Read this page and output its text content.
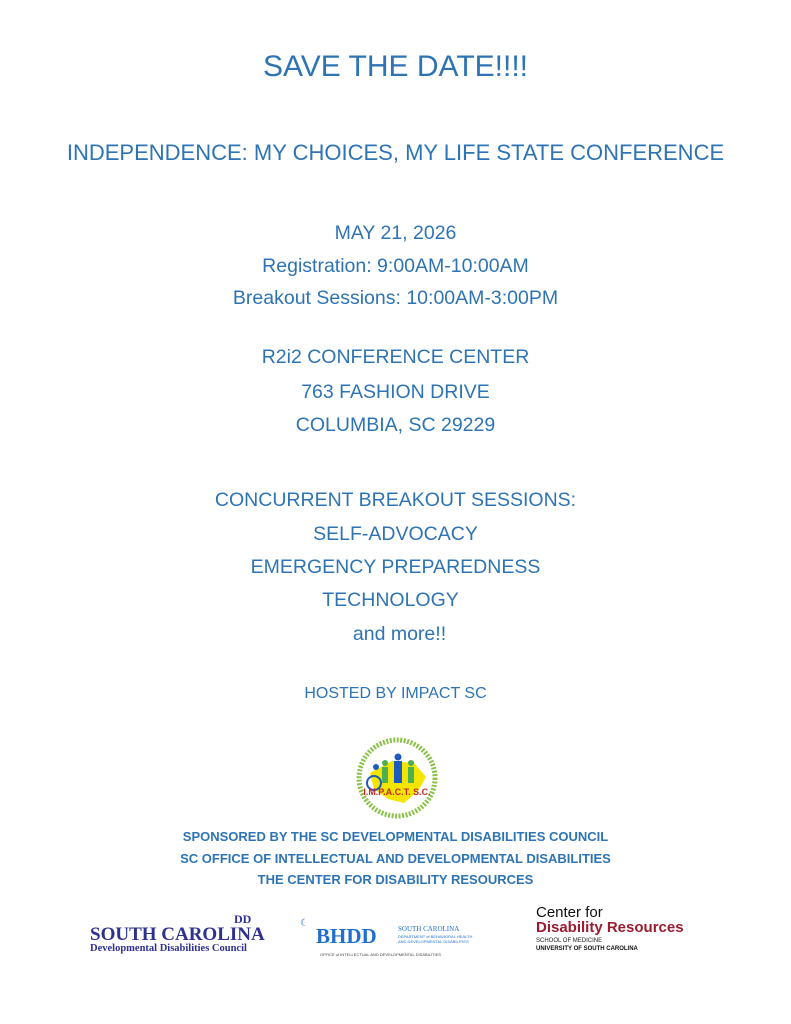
SAVE THE DATE!!!!
INDEPENDENCE: MY CHOICES, MY LIFE STATE CONFERENCE
MAY 21, 2026
Registration: 9:00AM-10:00AM
Breakout Sessions: 10:00AM-3:00PM
R2i2 CONFERENCE CENTER
763 FASHION DRIVE
COLUMBIA, SC 29229
CONCURRENT BREAKOUT SESSIONS:
SELF-ADVOCACY
EMERGENCY PREPAREDNESS
TECHNOLOGY
and more!!
HOSTED BY IMPACT SC
I.M.P.A.C.T. S.C.
SPONSORED BY THE SC DEVELOPMENTAL DISABILITIES COUNCIL
SC OFFICE OF INTELLECTUAL AND DEVELOPMENTAL DISABILITIES
THE CENTER FOR DISABILITY RESOURCES
SOUTH CAROLINA
DD
Developmental Disabilities Council
☾
BHDD	SOUTH CAROLINA
DEPARTMENT of BEHAVIORAL HEALTH
AND DEVELOPMENTAL DISABILITIES
OFFICE of INTELLECTUAL AND DEVELOPMENTAL DISABILITIES
Center for
Disability Resources
SCHOOL OF MEDICINE
UNIVERSITY OF SOUTH CAROLINA
